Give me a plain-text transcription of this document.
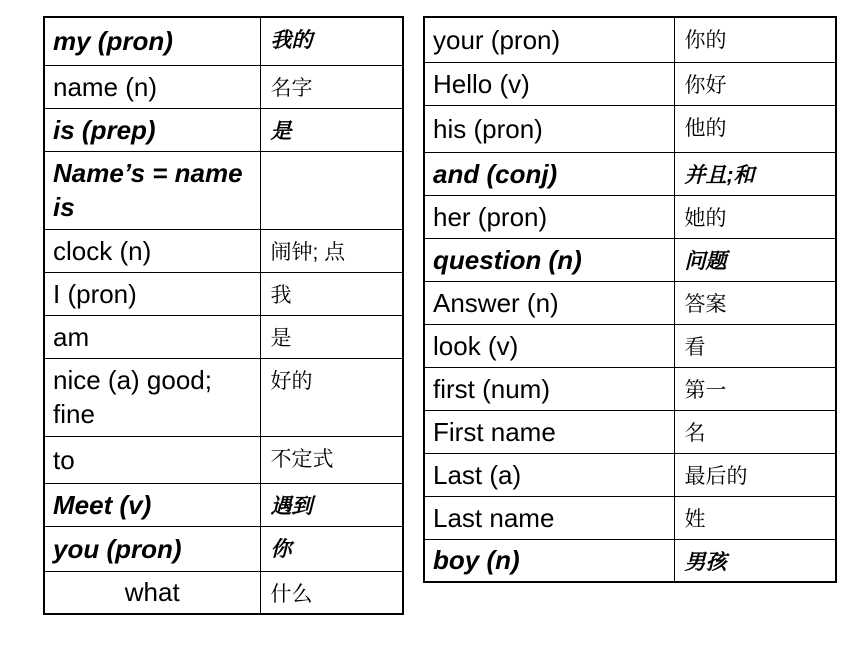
my (pron)	我的
name (n)	名字
is (prep)	是
Name’s = name is	
clock (n)	闹钟; 点
I (pron)	我
am	是
nice (a) good; fine	好的
to	不定式
Meet (v)	遇到
you (pron)	你
what	什么
your (pron)	你的
Hello (v)	你好
his (pron)	他的
and (conj)	并且;和
her (pron)	她的
question (n)	问题
Answer (n)	答案
look (v)	看
first (num)	第一
First name	名
Last (a)	最后的
Last name	姓
boy (n)	男孩
